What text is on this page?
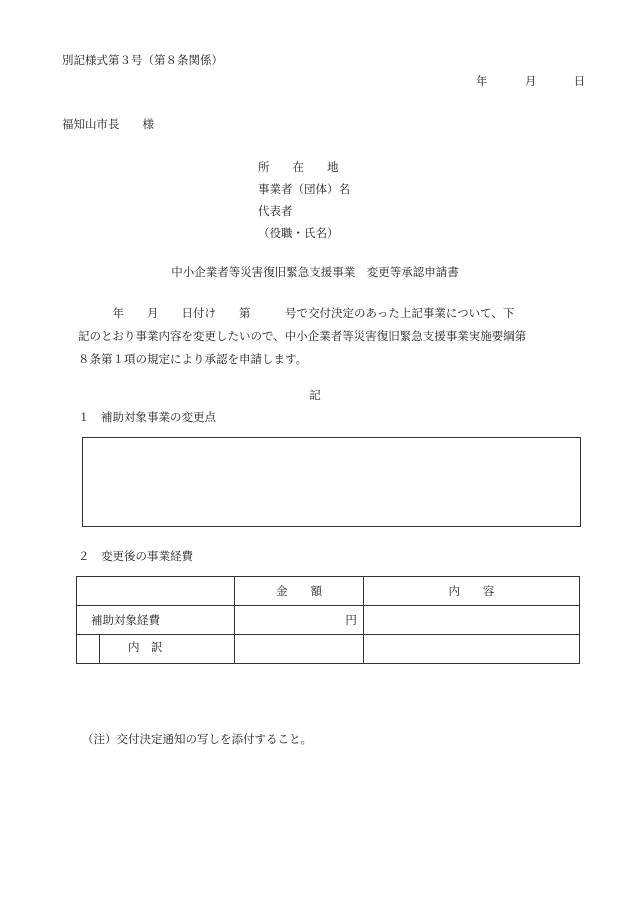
別記様式第３号（第８条関係）
年	月	日
福知山市長　　様
所　　在　　地
事業者（団体）名
代表者
（役職・氏名）
中小企業者等災害復旧緊急支援事業　変更等承認申請書

　　　年　　月　　日付け　　第　　　号で交付決定のあった上記事業について、下

記のとおり事業内容を変更したいので、中小企業者等災害復旧緊急支援事業実施要綱第

８条第１項の規定により承認を申請します。

記
１　補助対象事業の変更点
２　変更後の事業経費
	金　　額	内　　容
補助対象経費	円	

内　訳		

（注）交付決定通知の写しを添付すること。
